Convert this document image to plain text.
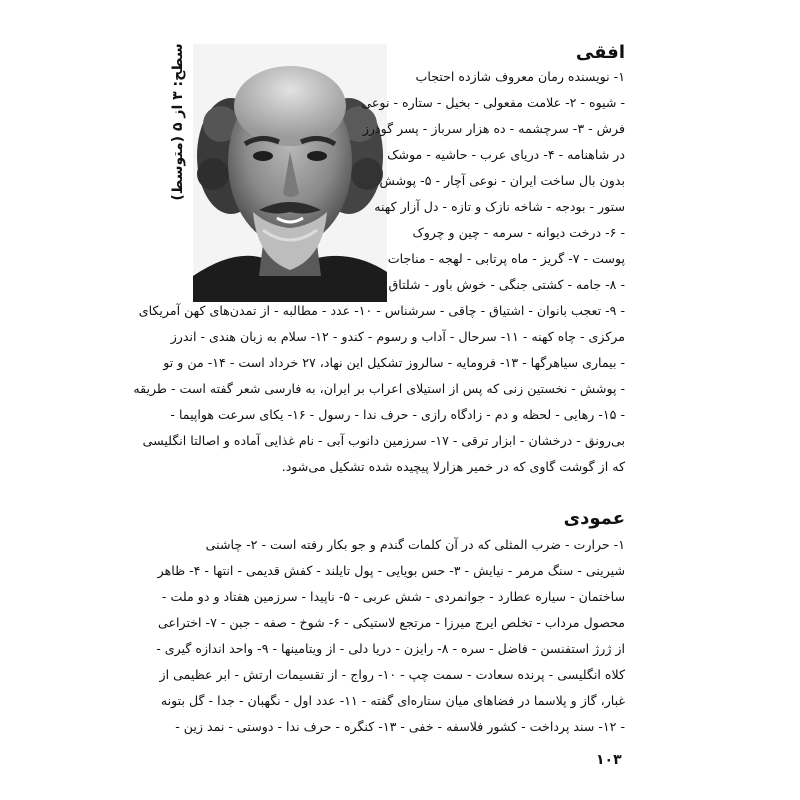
سطح: ۳ از ۵ (متوسط)	افقی
۱- نویسنده رمان معروف شازده احتجاب
- شیوه - ۲- علامت مفعولی - بخیل - ستاره - نوعی
فرش - ۳- سرچشمه - ده هزار سرباز - پسر گودرز
در شاهنامه - ۴- دریای عرب - حاشیه - موشک
بدون بال ساخت ایران - نوعی آچار - ۵- پوشش
ستور - بودجه - شاخه نازک و تازه - دل آزار کهنه
- ۶- درخت دیوانه - سرمه - چین و چروک
پوست - ۷- گریز - ماه پرتابی - لهجه - مناجات
- ۸- جامه - کشتی جنگی - خوش باور - شلتاق
- ۹- تعجب بانوان - اشتیاق - چاقی - سرشناس - ۱۰- عدد - مطالبه - از تمدن‌های کهن آمریکای
مرکزی - چاه کهنه - ۱۱- سرحال - آداب و رسوم - کندو - ۱۲- سلام به زبان هندی - اندرز
- بیماری سیاهرگها - ۱۳- فرومایه - سالروز تشکیل این نهاد، ۲۷ خرداد است - ۱۴- من و تو
- پوشش - نخستین زنی که پس از استیلای اعراب بر ایران، به فارسی شعر گفته است - طریقه
- ۱۵- رهایی - لحظه و دم - زادگاه رازی - حرف ندا - رسول - ۱۶- یکای سرعت هواپیما -
بی‌رونق - درخشان - ابزار ترقی - ۱۷- سرزمین دانوب آبی - نام غذایی آماده و اصالتا انگلیسی
که از گوشت گاوی که در خمیر هزارلا پیچیده شده تشکیل می‌شود.
عمودی
۱- حرارت - ضرب المثلی که در آن کلمات گندم و جو بکار رفته است - ۲- چاشنی
شیرینی - سنگ مرمر - نیایش - ۳- حس بویایی - پول تایلند - کفش قدیمی - انتها - ۴- ظاهر
ساختمان - سیاره عطارد - جوانمردی - شش عربی - ۵- ناپیدا - سرزمین هفتاد و دو ملت -
محصول مرداب - تخلص ایرج میرزا - مرتجع لاستیکی - ۶- شوخ - صفه - جبن - ۷- اختراعی
از ژرژ استفنسن - فاضل - سره - ۸- رایزن - دریا دلی - از ویتامینها - ۹- واحد اندازه گیری -
کلاه انگلیسی - پرنده سعادت - سمت چپ - ۱۰- رواج - از تقسیمات ارتش - ابر عظیمی از
غبار، گاز و پلاسما در فضاهای میان ستاره‌ای گفته - ۱۱- عدد اول - نگهبان - جدا - گل بتونه
- ۱۲- سند پرداخت - کشور فلاسفه - خفی - ۱۳- کنگره - حرف ندا - دوستی - نمد زین -
۱۰۳
